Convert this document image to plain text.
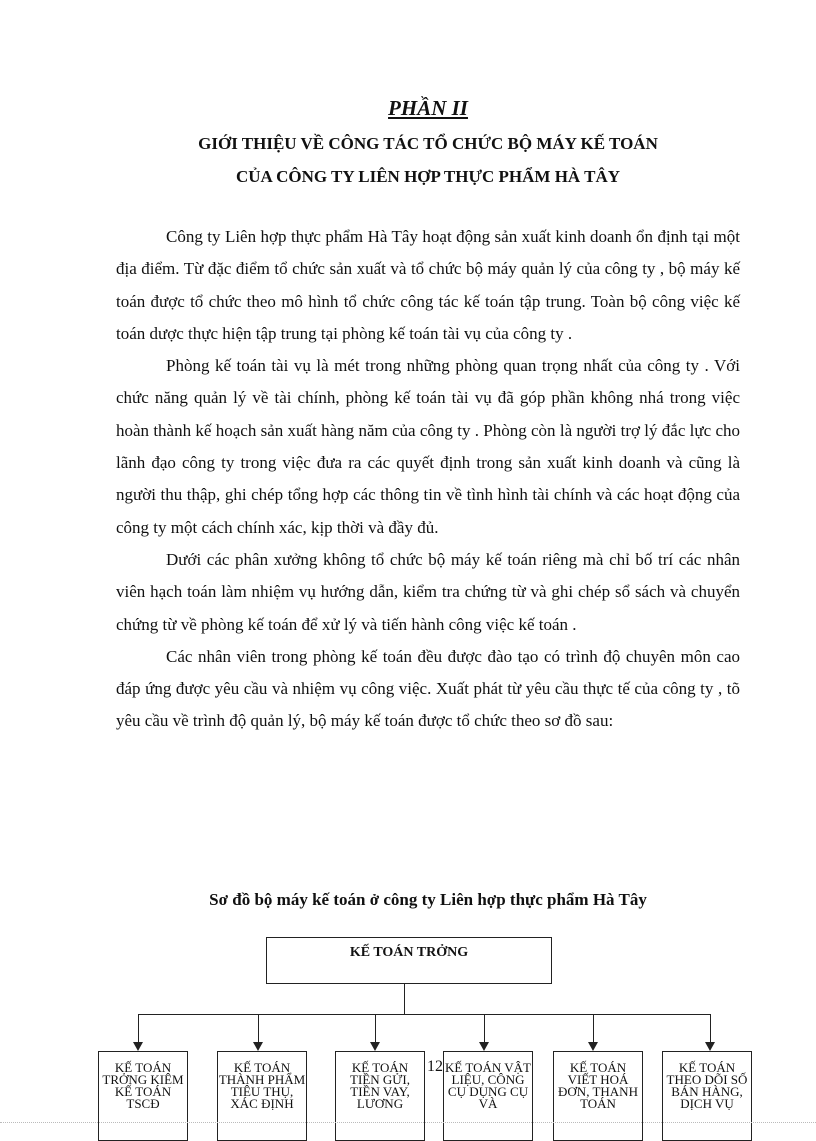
PHẦN II
GIỚI THIỆU VỀ CÔNG TÁC TỔ CHỨC BỘ MÁY KẾ TOÁN
CỦA CÔNG TY LIÊN HỢP THỰC PHẨM HÀ TÂY

Công ty Liên hợp thực phẩm Hà Tây hoạt động sản xuất kinh doanh ổn định tại một địa điểm. Từ đặc điểm tổ chức sản xuất và tổ chức bộ máy quản lý của công ty , bộ máy kế toán được tổ chức theo mô hình tổ chức công tác kế toán tập trung. Toàn bộ công việc kế toán dược thực hiện tập trung tại phòng kế toán tài vụ của công ty .

Phòng kế toán tài vụ là mét trong những phòng quan trọng nhất của công ty . Với chức năng quản lý về tài chính, phòng kế toán tài vụ đã góp phần không nhá trong việc hoàn thành kế hoạch sản xuất hàng năm của công ty . Phòng còn là người trợ lý đắc lực cho lãnh đạo công ty trong việc đưa ra các quyết định trong sản xuất kinh doanh và cũng là người thu thập, ghi chép tổng hợp các thông tin về tình hình tài chính và các hoạt động của công ty một cách chính xác, kịp thời và đầy đủ.

Dưới các phân xưởng không tổ chức bộ máy kế toán riêng mà chỉ bố trí các nhân viên hạch toán làm nhiệm vụ hướng dẫn, kiểm tra chứng từ và ghi chép sổ sách và chuyển chứng từ về phòng kế toán để xử lý và tiến hành công việc kế toán .

Các nhân viên trong phòng kế toán đều được đào tạo có trình độ chuyên môn cao đáp ứng được yêu cầu và nhiệm vụ công việc. Xuất phát từ yêu cầu thực tế của công ty , tõ yêu cầu về trình độ quản lý, bộ máy kế toán được tổ chức theo sơ đồ sau:

Sơ đồ bộ máy kế toán ở công ty Liên hợp thực phẩm Hà Tây
KẾ TOÁN TRỞNG
KẾ TOÁN TRỞNG KIÊM KẾ TOÁN TSCĐ
KẾ TOÁN THÀNH PHẨM TIÊU THỤ, XÁC ĐỊNH
KẾ TOÁN TIỀN GỬI, TIỀN VAY, LƯƠNG
KẾ TOÁN VẬT LIỆU, CÔNG CỤ DỤNG CỤ VÀ
KẾ TOÁN VIẾT HOÁ ĐƠN, THANH TOÁN
KẾ TOÁN THEO DÕI SỐ BÁN HÀNG, DỊCH VỤ
12
